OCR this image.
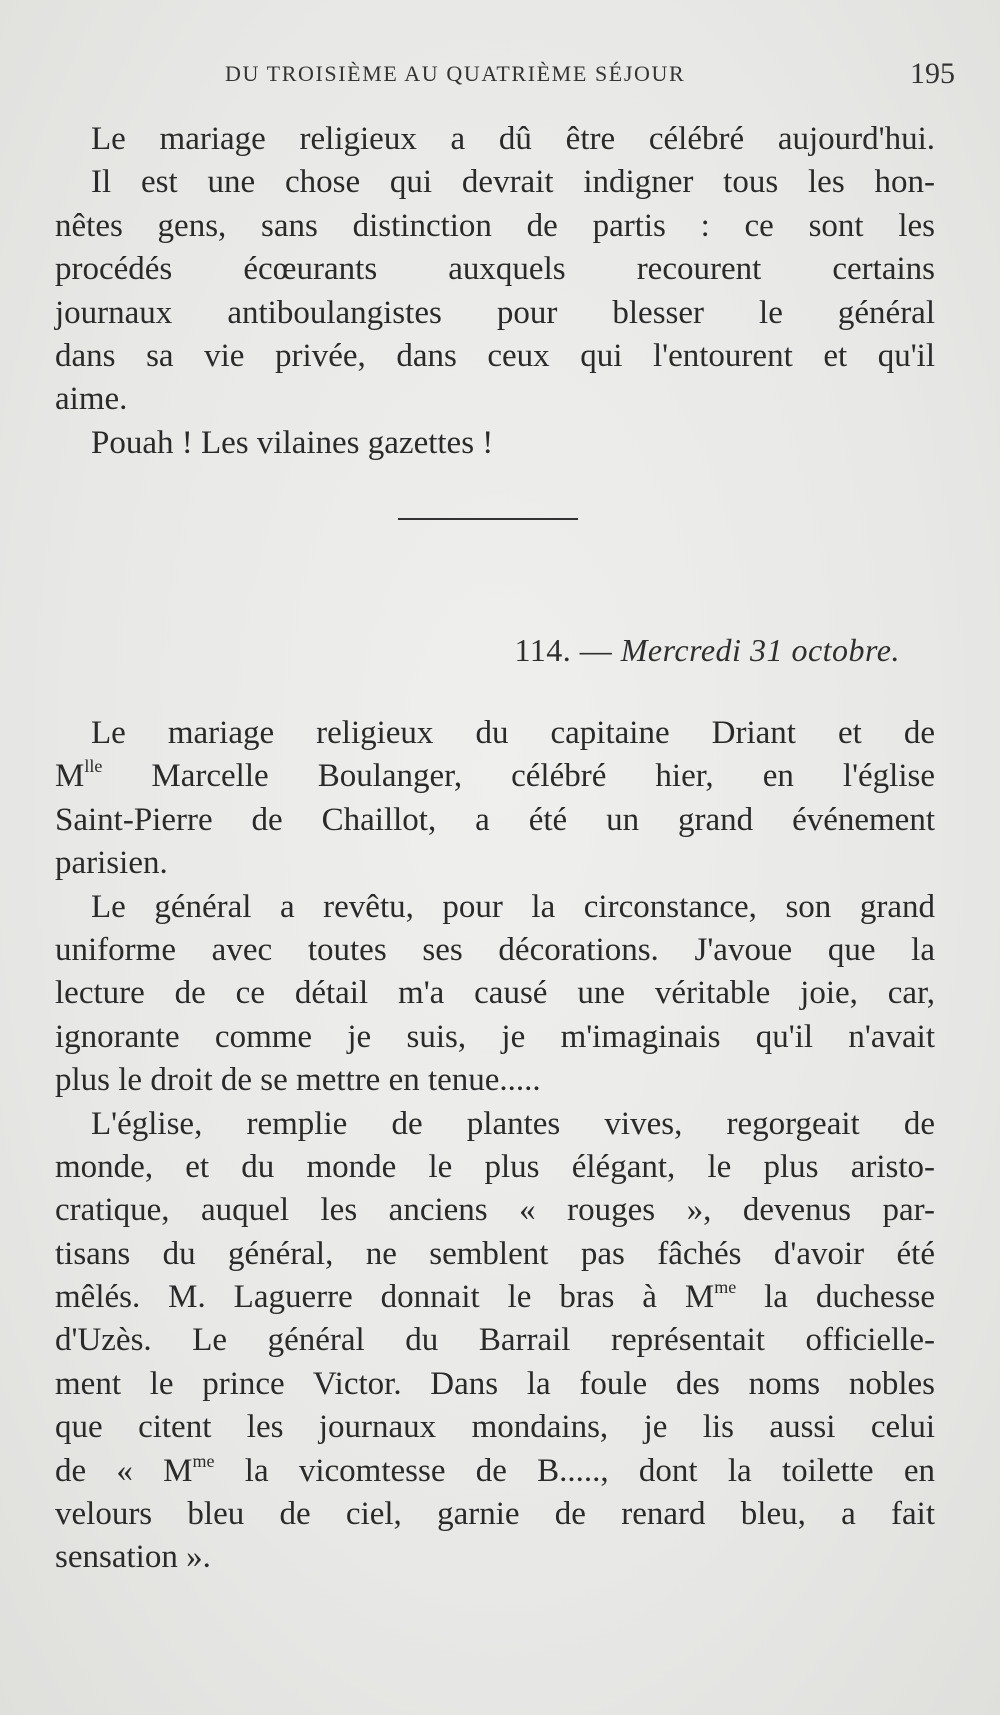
DU TROISIÈME AU QUATRIÈME SÉJOUR	195
Le mariage religieux a dû être célébré aujourd'hui.
Il est une chose qui devrait indigner tous les hon-
nêtes gens, sans distinction de partis : ce sont les
procédés écœurants auxquels recourent certains
journaux antiboulangistes pour blesser le général
dans sa vie privée, dans ceux qui l'entourent et qu'il
aime.
Pouah ! Les vilaines gazettes !
114. — Mercredi 31 octobre.
Le mariage religieux du capitaine Driant et de
$M^{lle}$ Marcelle Boulanger, célébré hier, en l'église
Saint-Pierre de Chaillot, a été un grand événement
parisien.
Le général a revêtu, pour la circonstance, son grand
uniforme avec toutes ses décorations. J'avoue que la
lecture de ce détail m'a causé une véritable joie, car,
ignorante comme je suis, je m'imaginais qu'il n'avait
plus le droit de se mettre en tenue.....
L'église, remplie de plantes vives, regorgeait de
monde, et du monde le plus élégant, le plus aristo-
cratique, auquel les anciens « rouges », devenus par-
tisans du général, ne semblent pas fâchés d'avoir été
mêlés. M. Laguerre donnait le bras à $M^{me}$ la duchesse
d'Uzès. Le général du Barrail représentait officielle-
ment le prince Victor. Dans la foule des noms nobles
que citent les journaux mondains, je lis aussi celui
de « $M^{me}$ la vicomtesse de B....., dont la toilette en
velours bleu de ciel, garnie de renard bleu, a fait
sensation ».
